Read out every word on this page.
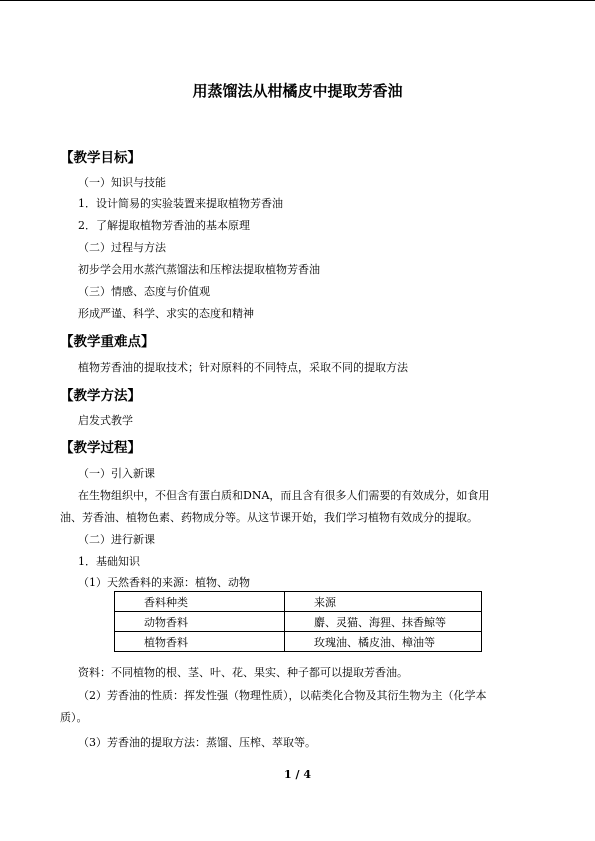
用蒸馏法从柑橘皮中提取芳香油
【教学目标】
（一）知识与技能
1．设计简易的实验装置来提取植物芳香油
2．了解提取植物芳香油的基本原理
（二）过程与方法
初步学会用水蒸汽蒸馏法和压榨法提取植物芳香油
（三）情感、态度与价值观
形成严谨、科学、求实的态度和精神
【教学重难点】
植物芳香油的提取技术；针对原料的不同特点，采取不同的提取方法
【教学方法】
启发式教学
【教学过程】
（一）引入新课
在生物组织中，不但含有蛋白质和DNA，而且含有很多人们需要的有效成分，如食用
油、芳香油、植物色素、药物成分等。从这节课开始，我们学习植物有效成分的提取。
（二）进行新课
1．基础知识
（1）天然香料的来源：植物、动物
香料种类	来源
动物香料	麝、灵猫、海狸、抹香鲸等
植物香料	玫瑰油、橘皮油、樟油等
资料：不同植物的根、茎、叶、花、果实、种子都可以提取芳香油。
（2）芳香油的性质：挥发性强（物理性质），以萜类化合物及其衍生物为主（化学本
质）。
（3）芳香油的提取方法：蒸馏、压榨、萃取等。
1 / 4
